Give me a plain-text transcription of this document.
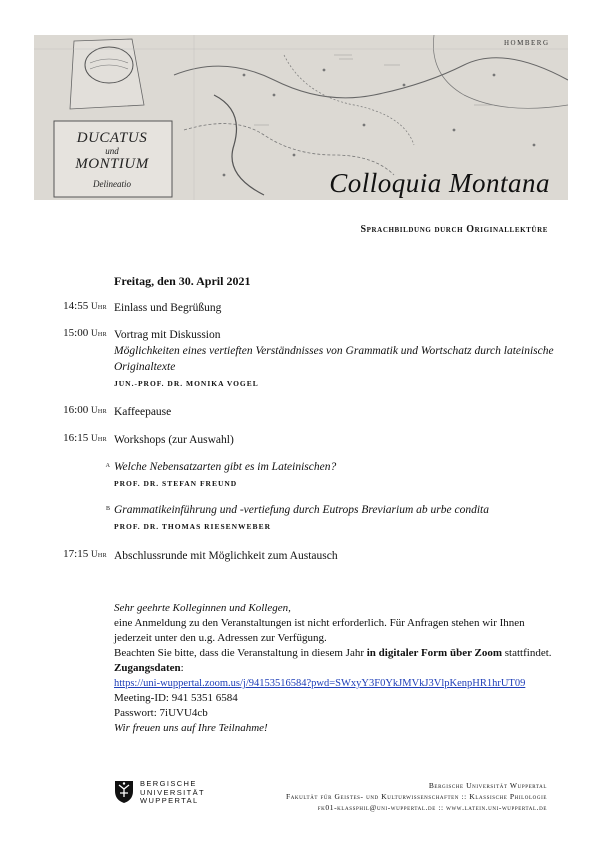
HOMBERG
DUCATUS
und
MONTIUM
Delineatio	Colloquia Montana
Sprachbildung durch Originallektüre
Freitag, den 30. April 2021
14:55 Uhr Einlass und Begrüßung
15:00 Uhr Vortrag mit Diskussion
Möglichkeiten eines vertieften Verständnisses von Grammatik und Wortschatz durch lateinische Originaltexte
JUN.-PROF. DR. MONIKA VOGEL
16:00 Uhr Kaffeepause
16:15 Uhr Workshops (zur Auswahl)
a Welche Nebensatzarten gibt es im Lateinischen?
PROF. DR. STEFAN FREUND
b Grammatikeinführung und -vertiefung durch Eutrops Breviarium ab urbe condita
PROF. DR. THOMAS RIESENWEBER
17:15 Uhr Abschlussrunde mit Möglichkeit zum Austausch
Sehr geehrte Kolleginnen und Kollegen,
eine Anmeldung zu den Veranstaltungen ist nicht erforderlich. Für Anfragen stehen wir Ihnen jederzeit unter den u.g. Adressen zur Verfügung.
Beachten Sie bitte, dass die Veranstaltung in diesem Jahr in digitaler Form über Zoom stattfindet.
Zugangsdaten:
https://uni-wuppertal.zoom.us/j/94153516584?pwd=SWxyY3F0YkJMVkJ3VlpKenpHR1hrUT09
Meeting-ID: 941 5351 6584
Passwort: 7iUVU4cb
Wir freuen uns auf Ihre Teilnahme!
BERGISCHE
UNIVERSITÄT
WUPPERTAL
Bergische Universität Wuppertal
Fakultät für Geistes- und Kulturwissenschaften :: Klassische Philologie
fk01-klassphil@uni-wuppertal.de :: www.latein.uni-wuppertal.de
